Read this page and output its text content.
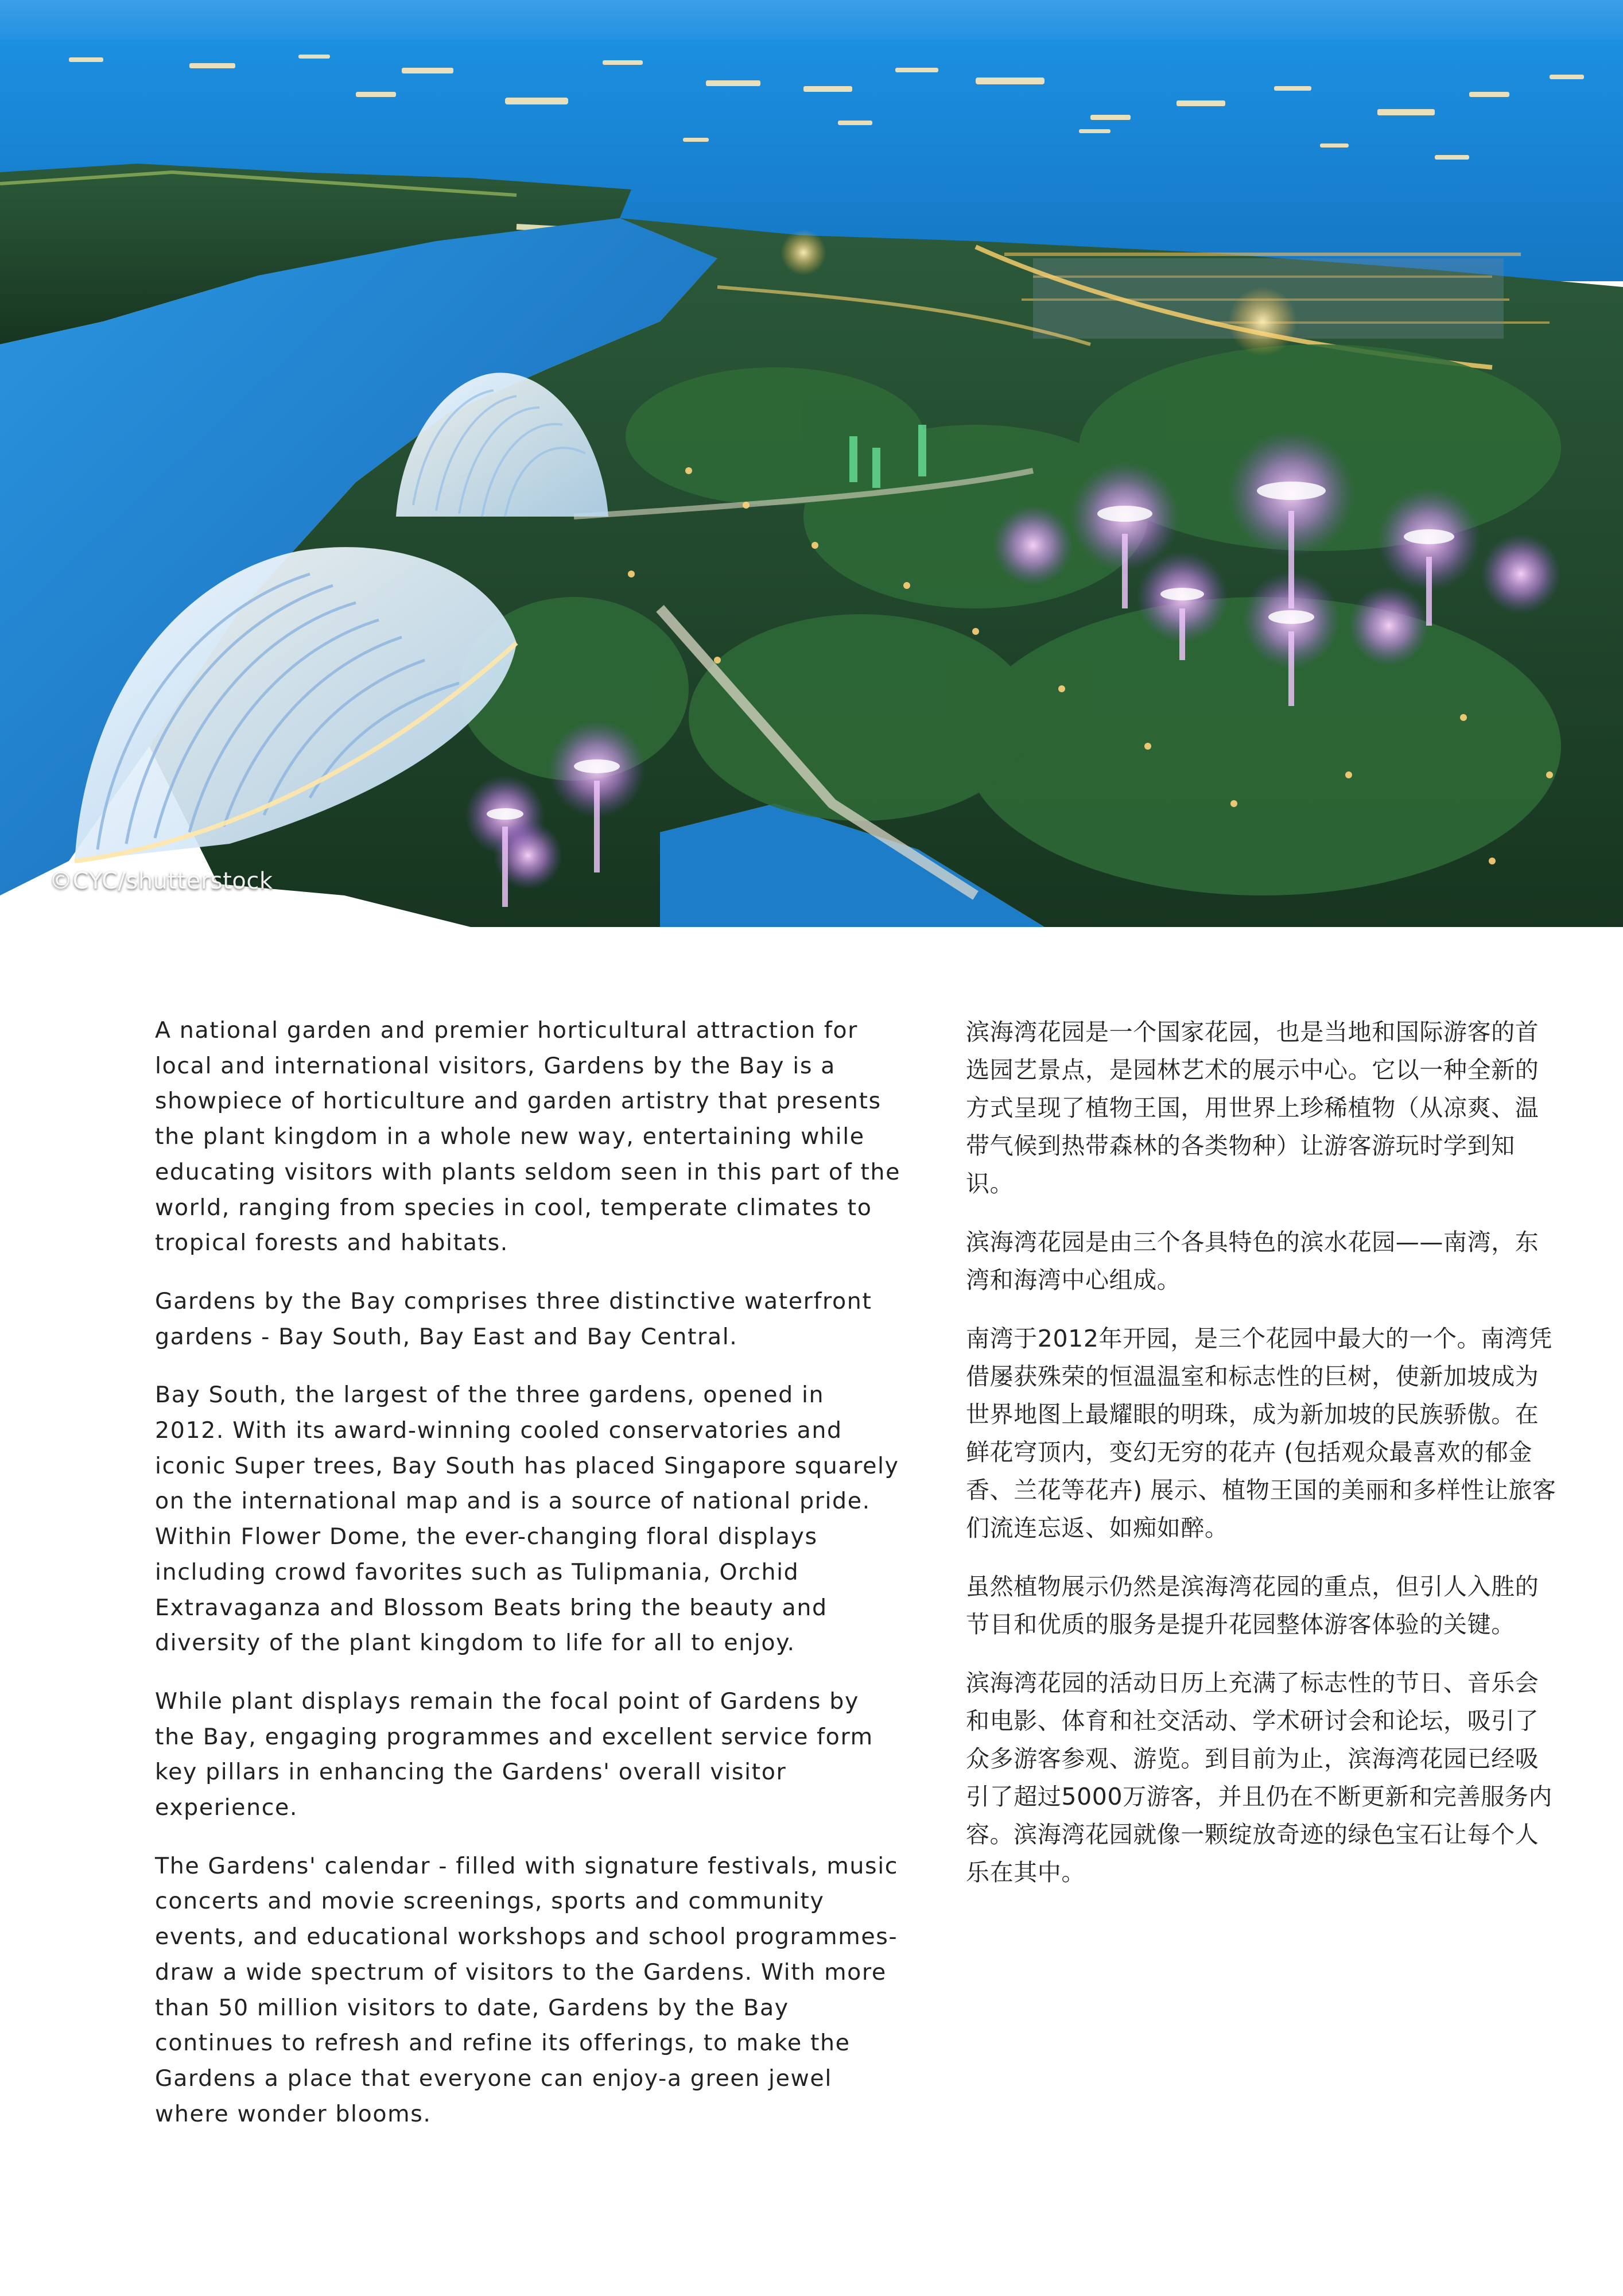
©CYC/shutterstock

A national garden and premier horticultural attraction for local and international visitors, Gardens by the Bay is a showpiece of horticulture and garden artistry that presents the plant kingdom in a whole new way, entertaining while educating visitors with plants seldom seen in this part of the world, ranging from species in cool, temperate climates to tropical forests and habitats.

Gardens by the Bay comprises three distinctive waterfront gardens - Bay South, Bay East and Bay Central.

Bay South, the largest of the three gardens, opened in 2012. With its award-winning cooled conservatories and iconic Super trees, Bay South has placed Singapore squarely on the international map and is a source of national pride. Within Flower Dome, the ever-changing floral displays including crowd favorites such as Tulipmania, Orchid Extravaganza and Blossom Beats bring the beauty and diversity of the plant kingdom to life for all to enjoy.

While plant displays remain the focal point of Gardens by the Bay, engaging programmes and excellent service form key pillars in enhancing the Gardens' overall visitor experience.

The Gardens' calendar - filled with signature festivals, music concerts and movie screenings, sports and community events, and educational workshops and school programmes- draw a wide spectrum of visitors to the Gardens. With more than 50 million visitors to date, Gardens by the Bay continues to refresh and refine its offerings, to make the Gardens a place that everyone can enjoy-a green jewel where wonder blooms.

滨海湾花园是一个国家花园，也是当地和国际游客的首选园艺景点，是园林艺术的展示中心。它以一种全新的方式呈现了植物王国，用世界上珍稀植物（从凉爽、温带气候到热带森林的各类物种）让游客游玩时学到知识。

滨海湾花园是由三个各具特色的滨水花园——南湾，东湾和海湾中心组成。

南湾于2012年开园，是三个花园中最大的一个。南湾凭借屡获殊荣的恒温温室和标志性的巨树，使新加坡成为世界地图上最耀眼的明珠，成为新加坡的民族骄傲。在鲜花穹顶内，变幻无穷的花卉 (包括观众最喜欢的郁金香、兰花等花卉) 展示、植物王国的美丽和多样性让旅客们流连忘返、如痴如醉。

虽然植物展示仍然是滨海湾花园的重点，但引人入胜的节目和优质的服务是提升花园整体游客体验的关键。

滨海湾花园的活动日历上充满了标志性的节日、音乐会和电影、体育和社交活动、学术研讨会和论坛，吸引了众多游客参观、游览。到目前为止，滨海湾花园已经吸引了超过5000万游客，并且仍在不断更新和完善服务内容。滨海湾花园就像一颗绽放奇迹的绿色宝石让每个人乐在其中。
